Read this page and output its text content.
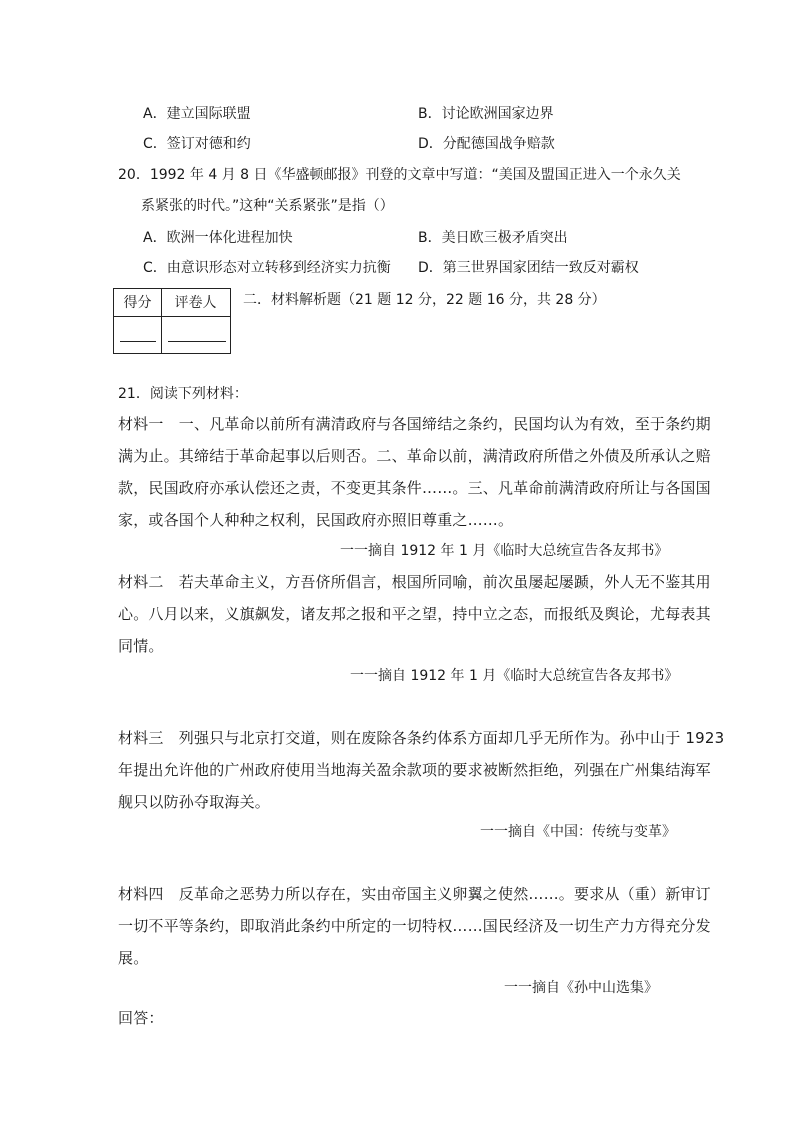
A．建立国际联盟	B．讨论欧洲国家边界
C．签订对德和约	D．分配德国战争赔款
20．1992 年 4 月 8 日《华盛顿邮报》刊登的文章中写道：“美国及盟国正进入一个永久关
系紧张的时代。”这种“关系紧张”是指（）
A．欧洲一体化进程加快	B．美日欧三极矛盾突出
C．由意识形态对立转移到经济实力抗衡 D．第三世界国家团结一致反对霸权
得分	评卷人	二．材料解析题（21 题 12 分，22 题 16 分，共 28 分）
21．阅读下列材料：
材料一　一、凡革命以前所有满清政府与各国缔结之条约，民国均认为有效，至于条约期
满为止。其缔结于革命起事以后则否。二、革命以前，满清政府所借之外债及所承认之赔
款，民国政府亦承认偿还之责，不变更其条件……。三、凡革命前满清政府所让与各国国
家，或各国个人种种之权利，民国政府亦照旧尊重之……。
一一摘自 1912 年 1 月《临时大总统宣告各友邦书》
材料二　若夫革命主义，方吾侪所倡言，根国所同喻，前次虽屡起屡踬，外人无不鉴其用
心。八月以来，义旗飙发，诸友邦之报和平之望，持中立之态，而报纸及舆论，尤每表其
同情。
一一摘自 1912 年 1 月《临时大总统宣告各友邦书》
材料三　列强只与北京打交道，则在废除各条约体系方面却几乎无所作为。孙中山于 1923
年提出允许他的广州政府使用当地海关盈余款项的要求被断然拒绝，列强在广州集结海军
舰只以防孙夺取海关。
一一摘自《中国：传统与变革》
材料四　反革命之恶势力所以存在，实由帝国主义卵翼之使然……。要求从（重）新审订
一切不平等条约，即取消此条约中所定的一切特权……国民经济及一切生产力方得充分发
展。
一一摘自《孙中山选集》
回答：
